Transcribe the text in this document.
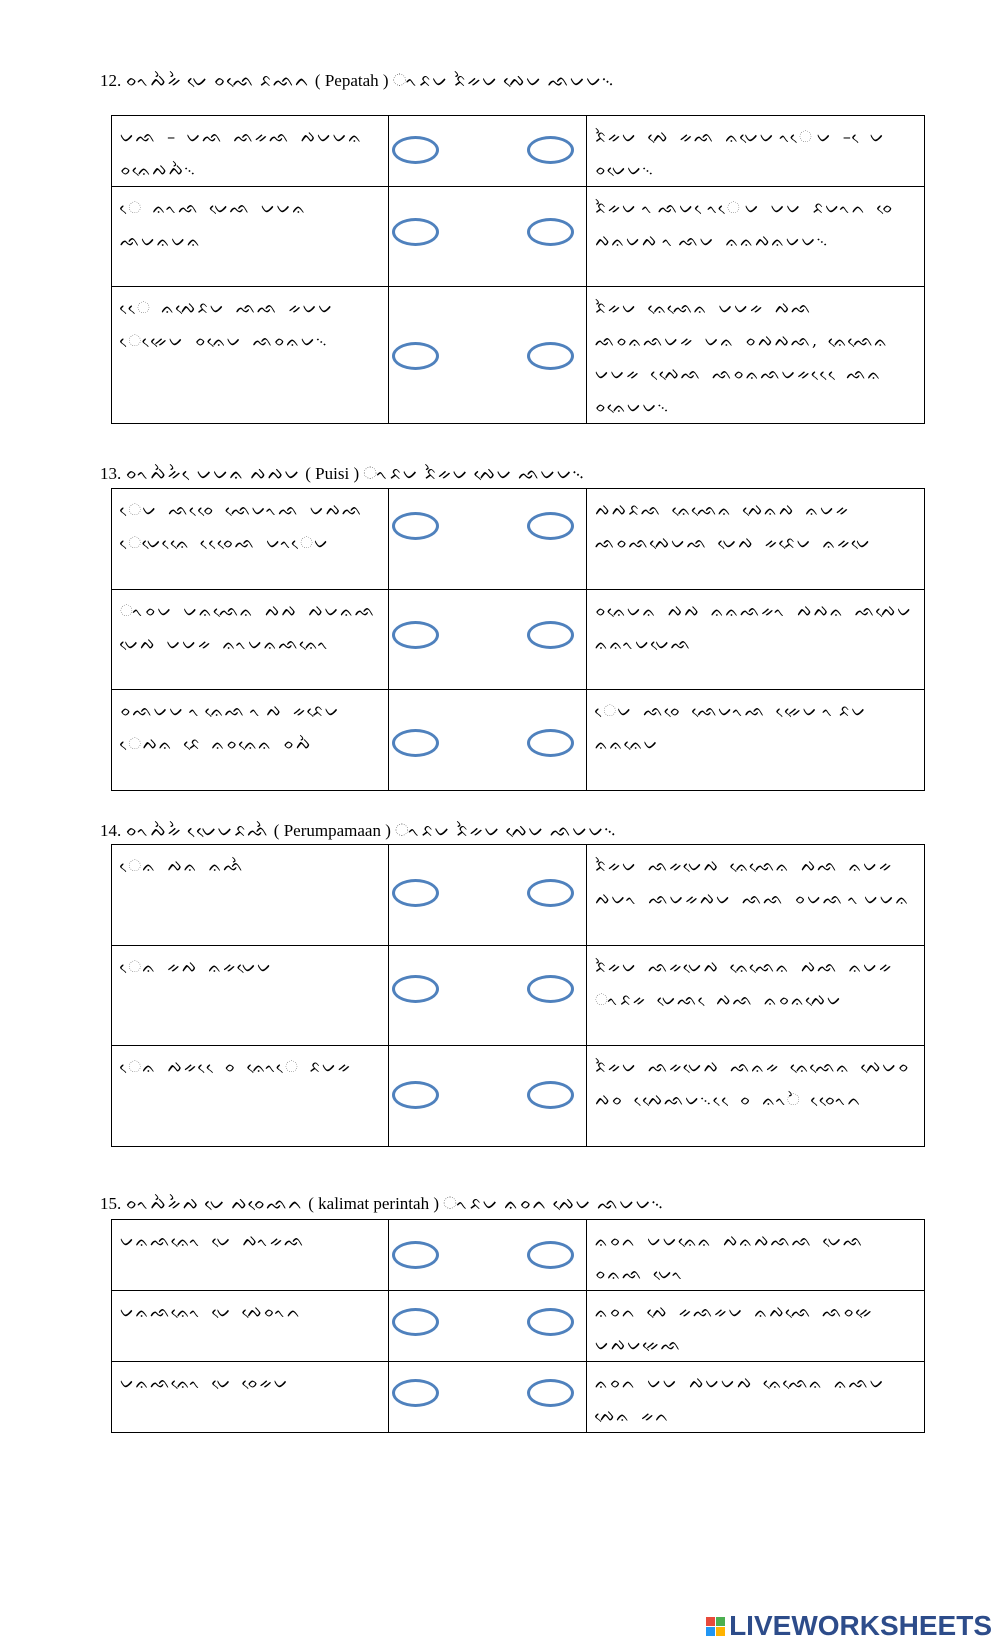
12. ᨔᨚᨄᨛᨀᨛ ᨆᨙ ᨔᨒᨙ ᨅᨒᨈ ( Pepatah ) ᨚᨅᨆ ᨅᨛᨀᨆ ᨄᨙᨆ ᨒᨆᨆ᨞
ᨆᨒ – ᨆᨒ ᨒᨀᨒ ᨄᨆᨆᨊ ᨔᨊᨙᨄᨄᨛ᨞		ᨅᨛᨀᨆ ᨄᨙ ᨀᨒ ᨊᨆᨙᨆ ᨚᨙᨆ – ᨙᨆ ᨔᨆᨙᨆ᨞

ᨙ ᨊᨚᨒ ᨆᨙᨒ ᨆᨆᨊ ᨒᨆᨊᨆᨊ		ᨅᨛᨀᨆ ᨚᨒᨆ ᨙᨚᨙᨆ ᨆᨆ ᨅᨆᨚᨈ ᨔᨙ ᨄᨊᨆᨄ ᨚᨒᨆ ᨊᨊᨄᨊᨆᨆ᨞

ᨙᨙ ᨊᨄᨙᨅᨆ ᨒᨒ ᨀᨆᨆ ᨙᨀᨙᨙᨆ ᨔᨊᨙᨆ ᨒᨔᨊᨆ᨞		ᨅᨛᨀᨆ ᨊᨙᨒᨙᨊ ᨆᨆᨀ ᨄᨒ ᨒᨔᨊᨒᨆᨀ ᨆᨊ ᨔᨄᨄᨒ, ᨊᨙᨒᨙᨊ ᨆᨆᨀ ᨄᨙᨙᨒ ᨒᨔᨊᨒᨆᨀ ᨙᨙᨙᨒᨊ ᨔᨊᨙᨆᨆ᨞
13. ᨔᨚᨄᨛᨀᨛ ᨙᨆᨆᨊ ᨄᨄᨆ ( Puisi ) ᨚᨅᨆ ᨅᨛᨀᨆ ᨄᨙᨆ ᨒᨆᨆ᨞
ᨙᨆ ᨒᨔᨙᨙ ᨒᨙᨆᨚᨒ ᨆᨄᨒ ᨙᨆᨙᨊᨙᨙ ᨔᨙᨙᨙᨒ ᨆᨚᨙᨆ		ᨄᨄᨅᨒ ᨊᨙᨒᨙᨊ ᨄᨙᨊᨄ ᨊᨆᨀ ᨒᨔᨒᨄᨙᨆᨒ ᨆᨙᨄ ᨀᨅᨙᨆ ᨊᨀᨆᨙ

ᨚᨔᨆ ᨆᨊᨒᨙᨊ ᨄᨄ ᨄᨆᨊᨒ ᨆᨙᨄ ᨆᨆᨀ ᨊᨚᨆᨊᨒᨊᨙᨚ		ᨔᨊᨙᨆᨊ ᨄᨄ ᨊᨊᨒᨀᨚ ᨄᨄᨊ ᨒᨄᨙᨆ ᨊᨊᨚᨆᨆᨙᨒ

ᨔᨒᨆᨆ ᨚᨊᨙᨒ ᨚᨄ ᨀᨅᨙᨆ ᨙᨄᨊ ᨅᨙ ᨊᨔᨊᨙᨊ ᨔᨄᨛ		ᨙᨆ ᨒᨔᨙ ᨒᨙᨆᨚᨒ ᨀᨙᨙᨆ ᨚᨅᨆ ᨊᨊᨊᨙᨆ
14. ᨔᨚᨄᨛᨀᨛ ᨆᨙᨙᨆᨅᨒᨛ ( Perumpamaan ) ᨚᨅᨆ ᨅᨛᨀᨆ ᨄᨙᨆ ᨒᨆᨆ᨞
ᨙᨊ ᨄᨊ ᨊᨒᨛ		ᨅᨛᨀᨆ ᨒᨀᨆᨙᨄ ᨊᨙᨒᨙᨊ ᨄᨒ ᨊᨆᨀ ᨄᨆᨚ ᨒᨆᨀᨄᨆ ᨒᨒ ᨔᨆᨒ ᨚᨆᨆᨊ

ᨙᨊ ᨀᨄ ᨊᨀᨆᨙᨆ		ᨅᨛᨀᨆ ᨒᨀᨆᨙᨄ ᨊᨙᨒᨙᨊ ᨄᨒ ᨊᨆᨀ ᨚᨅᨀ ᨆᨙᨒ ᨙᨄᨒ ᨊᨔᨊᨄᨙᨆ

ᨙᨊ ᨄᨀ ᨙᨙᨔ ᨊᨙᨚᨙ ᨅᨆᨀ		ᨅᨛᨀᨆ ᨒᨀᨆᨙᨄ ᨒᨊᨀ ᨊᨙᨒᨙᨊ ᨄᨙᨆᨔ ᨄᨔ ᨄᨙᨙᨒᨆ᨞ ᨙᨙᨔ ᨊᨚᨛ ᨔᨙᨙᨚᨈ
15. ᨔᨚᨄᨛᨀᨛᨄ ᨆᨙ ᨄᨔᨙᨒᨈ ( kalimat perintah ) ᨚᨅᨆ ᨊᨔᨈ ᨄᨙᨆ ᨒᨆᨆ᨞
ᨆᨊᨒᨊᨙᨚ ᨆᨙ ᨄᨚᨀᨒ		ᨊᨔᨈ ᨆᨆᨊᨙᨊ ᨄᨊᨄᨒᨒ ᨆᨙᨒ ᨔᨊᨒ ᨆᨙᨚ

ᨆᨊᨒᨊᨙᨚ ᨆᨙ ᨄᨙᨔᨚᨈ		ᨊᨔᨈ ᨄᨙ ᨀᨒᨀᨆ ᨊᨄᨒᨙ ᨒᨔᨀᨙ ᨆᨄᨆᨀᨙᨒ

ᨆᨊᨒᨊᨙᨚ ᨆᨙ ᨔᨙᨀᨆ		ᨊᨔᨈ ᨆᨆ ᨄᨆᨆᨄ ᨊᨙᨒᨙᨊ ᨊᨒᨆ ᨄᨙᨊ ᨀᨈ
LIVEWORKSHEETS
